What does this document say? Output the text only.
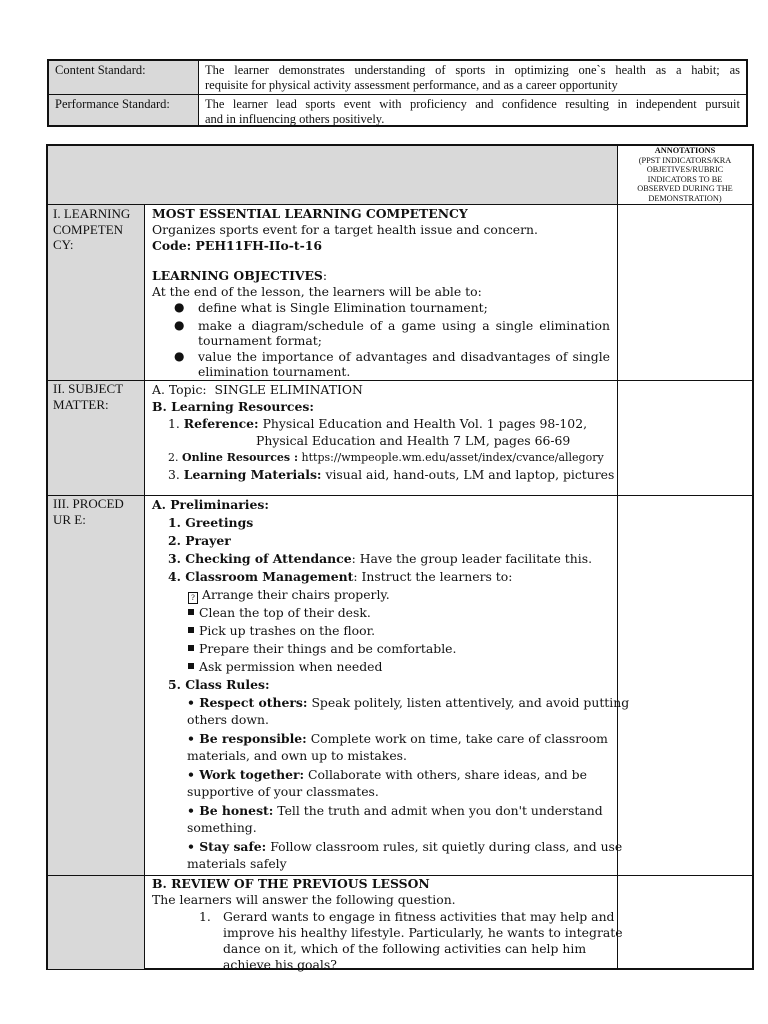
Content Standard:	The learner demonstrates understanding of sports in optimizing one`s health as a habit; as
requisite for physical activity assessment performance, and as a career opportunity
Performance Standard:	The learner lead sports event with proficiency and confidence resulting in independent pursuit
and in influencing others positively.
ANNOTATIONS
(PPST INDICATORS/KRA
OBJETIVES/RUBRIC
INDICATORS TO BE
OBSERVED DURING THE
DEMONSTRATION)
I. LEARNING COMPETEN CY:
II. SUBJECT MATTER:
III. PROCEDUR E:
MOST ESSENTIAL LEARNING COMPETENCY
Organizes sports event for a target health issue and concern.
Code: PEH11FH-IIo-t-16
LEARNING OBJECTIVES:
At the end of the lesson, the learners will be able to:
● define what is Single Elimination tournament;
● make a diagram/schedule of a game using a single elimination
tournament format;
● value the importance of advantages and disadvantages of single
elimination tournament.
A. Topic: SINGLE ELIMINATION
B. Learning Resources:
1. Reference: Physical Education and Health Vol. 1 pages 98-102,
Physical Education and Health 7 LM, pages 66-69
2. Online Resources : https://wmpeople.wm.edu/asset/index/cvance/allegory
3. Learning Materials: visual aid, hand-outs, LM and laptop, pictures
A. Preliminaries:
1. Greetings
2. Prayer
3. Checking of Attendance: Have the group leader facilitate this.
4. Classroom Management: Instruct the learners to:
? Arrange their chairs properly.
Clean the top of their desk.
Pick up trashes on the floor.
Prepare their things and be comfortable.
Ask permission when needed
5. Class Rules:
• Respect others: Speak politely, listen attentively, and avoid putting
others down.
• Be responsible: Complete work on time, take care of classroom
materials, and own up to mistakes.
• Work together: Collaborate with others, share ideas, and be
supportive of your classmates.
• Be honest: Tell the truth and admit when you don't understand
something.
• Stay safe: Follow classroom rules, sit quietly during class, and use
materials safely
B. REVIEW OF THE PREVIOUS LESSON
The learners will answer the following question.
1. Gerard wants to engage in fitness activities that may help and
improve his healthy lifestyle. Particularly, he wants to integrate
dance on it, which of the following activities can help him
achieve his goals?
